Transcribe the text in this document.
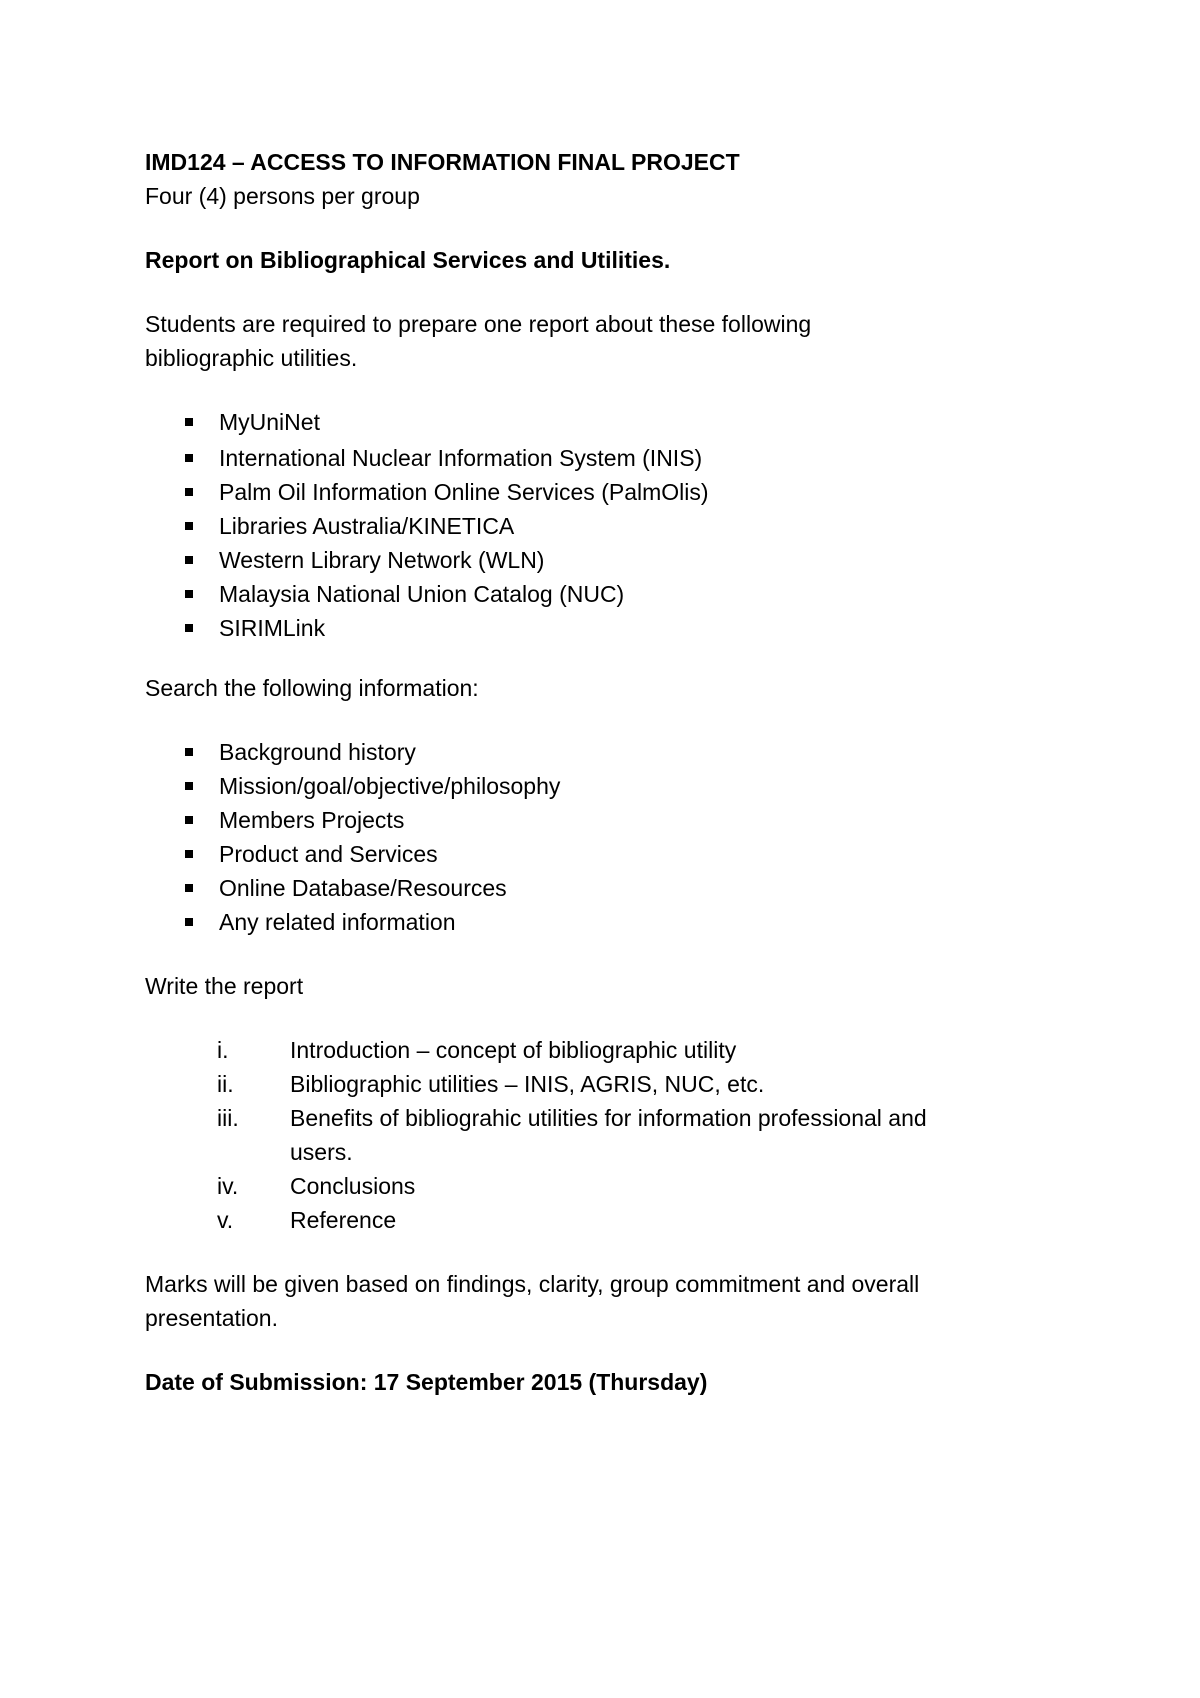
IMD124 – ACCESS TO INFORMATION FINAL PROJECT

Four (4) persons per group

Report on Bibliographical Services and Utilities.

Students are required to prepare one report about these following

bibliographic utilities.

MyUniNet
International Nuclear Information System (INIS)
Palm Oil Information Online Services (PalmOlis)
Libraries Australia/KINETICA
Western Library Network (WLN)
Malaysia National Union Catalog (NUC)
SIRIMLink

Search the following information:

Background history
Mission/goal/objective/philosophy
Members Projects
Product and Services
Online Database/Resources
Any related information

Write the report

i.	Introduction – concept of bibliographic utility
ii. Bibliographic utilities – INIS, AGRIS, NUC, etc.
iii. Benefits of bibliograhic utilities for information professional and
users.
iv. Conclusions
v. Reference

Marks will be given based on findings, clarity, group commitment and overall

presentation.

Date of Submission: 17 September 2015 (Thursday)
